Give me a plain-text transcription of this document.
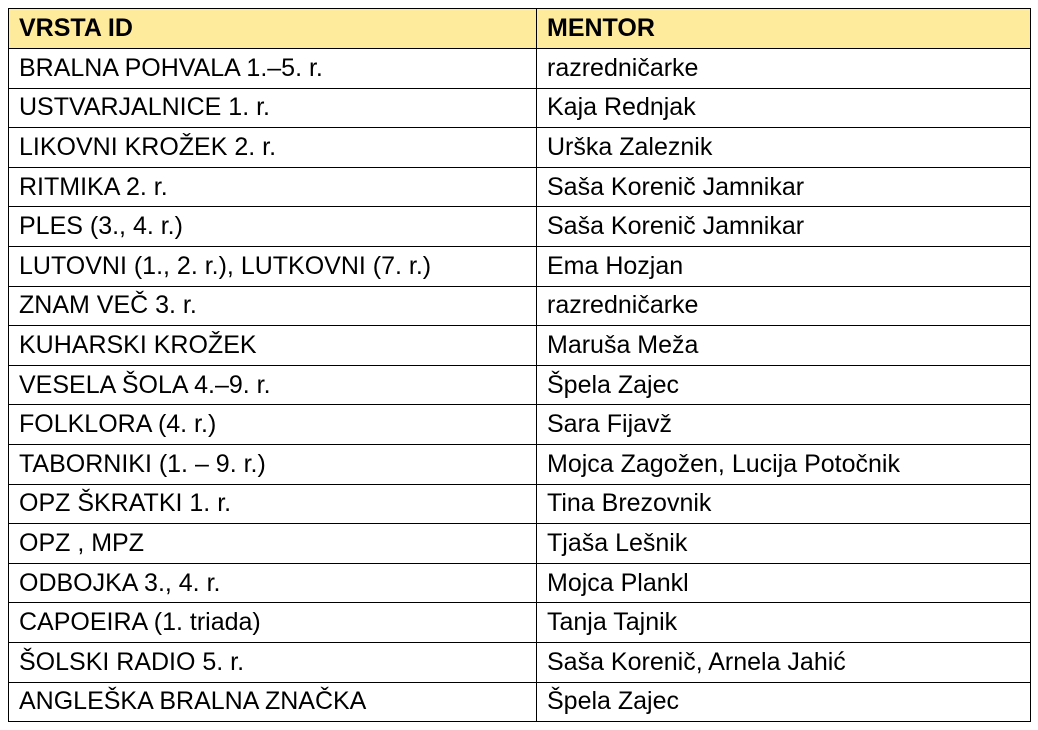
VRSTA ID	MENTOR
BRALNA POHVALA 1.–5. r.	razredničarke
USTVARJALNICE 1. r.	Kaja Rednjak
LIKOVNI KROŽEK 2. r.	Urška Zaleznik
RITMIKA 2. r.	Saša Korenič Jamnikar
PLES (3., 4. r.)	Saša Korenič Jamnikar
LUTOVNI (1., 2. r.), LUTKOVNI (7. r.)	Ema Hozjan
ZNAM VEČ 3. r.	razredničarke
KUHARSKI KROŽEK	Maruša Meža
VESELA ŠOLA 4.–9. r.	Špela Zajec
FOLKLORA (4. r.)	Sara Fijavž
TABORNIKI (1. – 9. r.)	Mojca Zagožen, Lucija Potočnik
OPZ ŠKRATKI 1. r.	Tina Brezovnik
OPZ , MPZ	Tjaša Lešnik
ODBOJKA 3., 4. r.	Mojca Plankl
CAPOEIRA (1. triada)	Tanja Tajnik
ŠOLSKI RADIO 5. r.	Saša Korenič, Arnela Jahić
ANGLEŠKA BRALNA ZNAČKA	Špela Zajec
